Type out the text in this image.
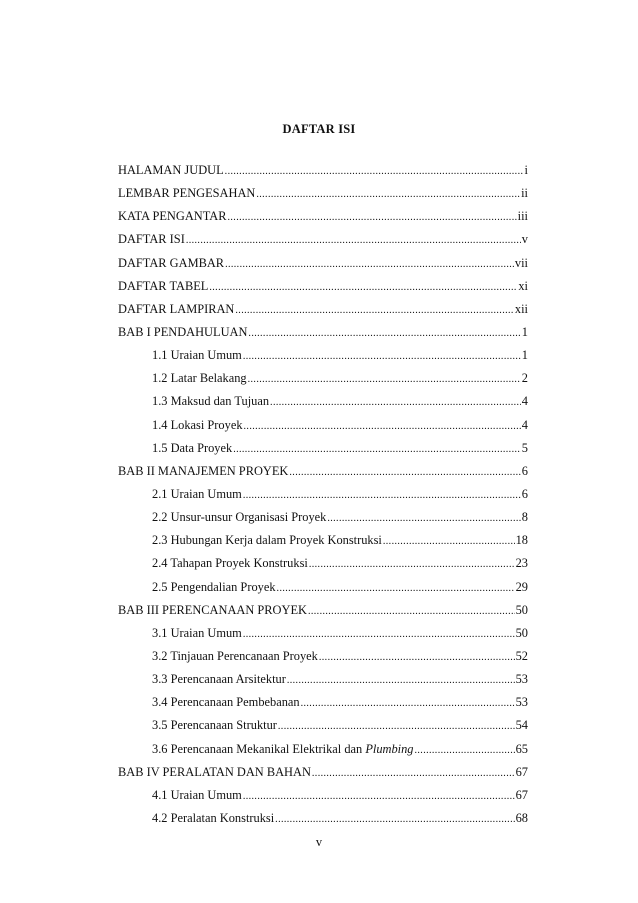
DAFTAR ISI
HALAMAN JUDUL .....	i
LEMBAR PENGESAHAN .....	ii
KATA PENGANTAR .....	iii
DAFTAR ISI .....	v
DAFTAR GAMBAR .....	vii
DAFTAR TABEL .....	xi
DAFTAR LAMPIRAN .....	xii
BAB I PENDAHULUAN .....	1
1.1 Uraian Umum .....	1
1.2 Latar Belakang .....	2
1.3 Maksud dan Tujuan .....	4
1.4 Lokasi Proyek .....	4
1.5 Data Proyek .....	5
BAB II MANAJEMEN PROYEK .....	6
2.1 Uraian Umum .....	6
2.2 Unsur-unsur Organisasi Proyek .....	8
2.3 Hubungan Kerja dalam Proyek Konstruksi .....	18
2.4 Tahapan Proyek Konstruksi .....	23
2.5 Pengendalian Proyek .....	29
BAB III PERENCANAAN PROYEK .....	50
3.1 Uraian Umum .....	50
3.2 Tinjauan Perencanaan Proyek .....	52
3.3 Perencanaan Arsitektur .....	53
3.4 Perencanaan Pembebanan .....	53
3.5 Perencanaan Struktur .....	54
3.6 Perencanaan Mekanikal Elektrikal dan Plumbing .....	65
BAB IV PERALATAN DAN BAHAN .....	67
4.1 Uraian Umum .....	67
4.2 Peralatan Konstruksi .....	68
v
